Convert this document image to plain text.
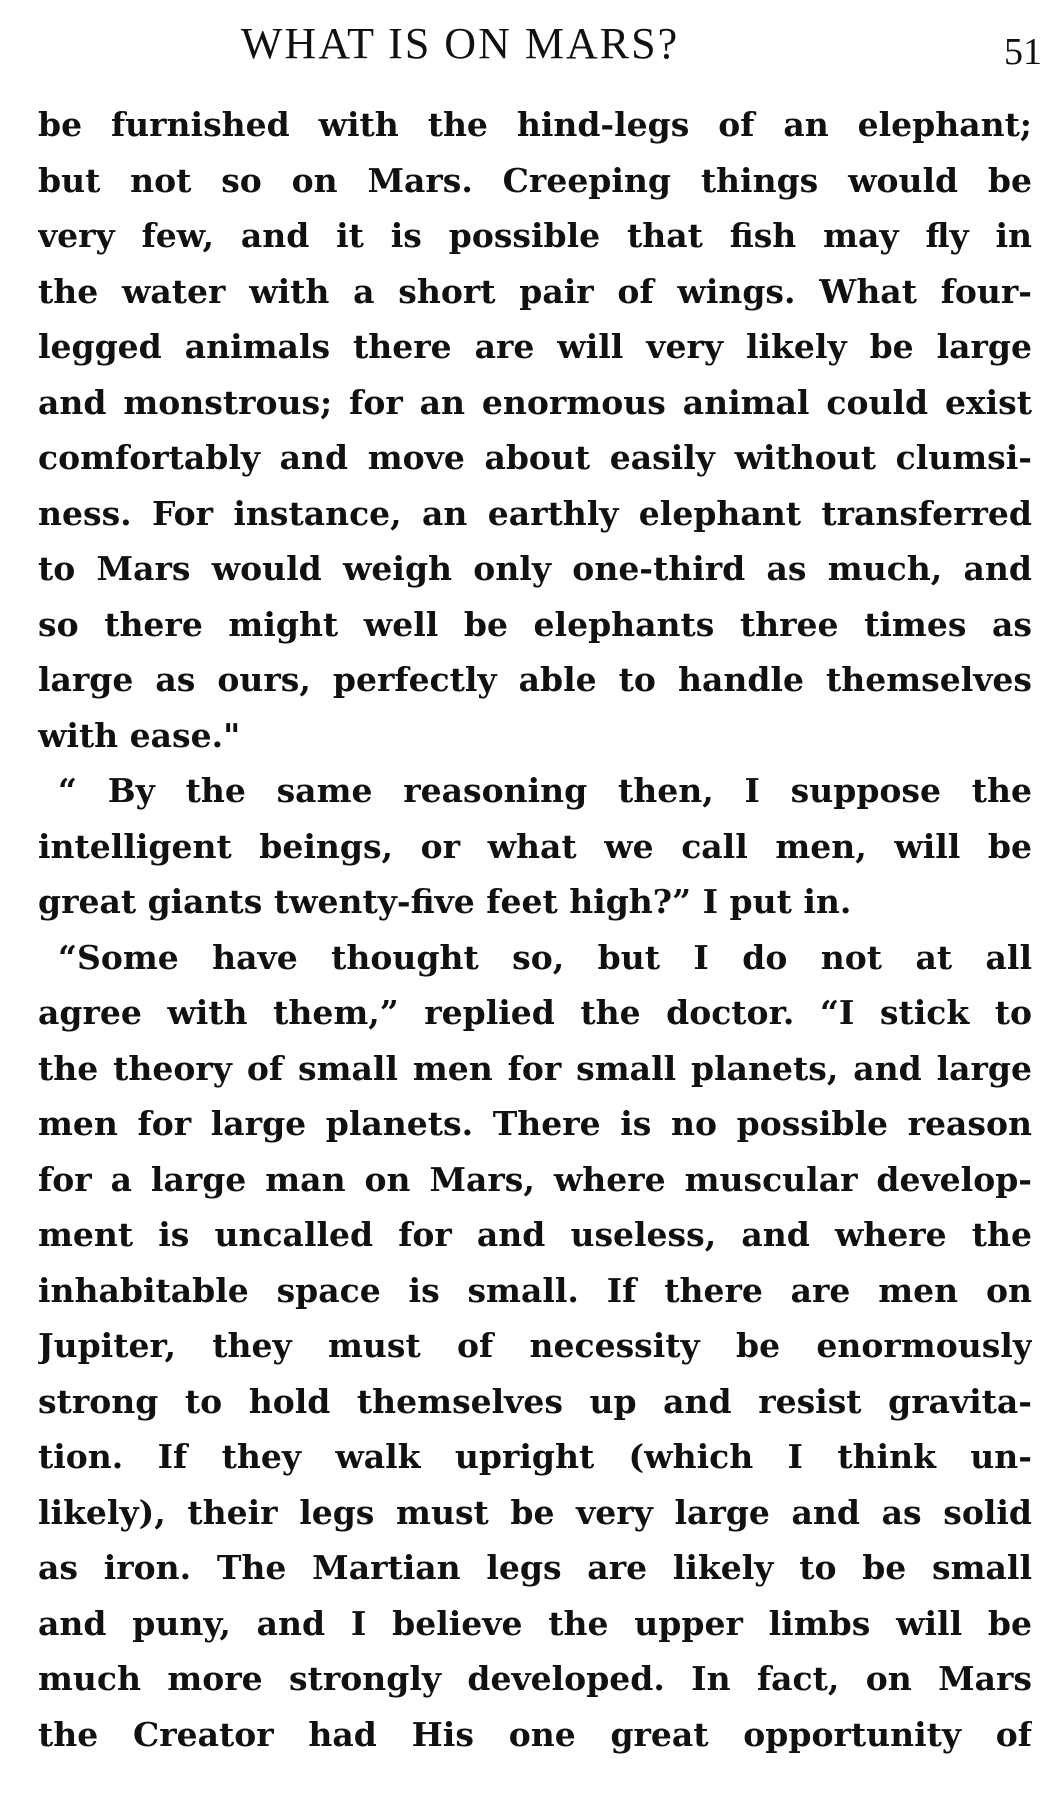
WHAT IS ON MARS?	51
be furnished with the hind-legs of an elephant;
but not so on Mars. Creeping things would be
very few, and it is possible that fish may fly in
the water with a short pair of wings. What four-
legged animals there are will very likely be large
and monstrous; for an enormous animal could exist
comfortably and move about easily without clumsi-
ness. For instance, an earthly elephant transferred
to Mars would weigh only one-third as much, and
so there might well be elephants three times as
large as ours, perfectly able to handle themselves
with ease."
“ By the same reasoning then, I suppose the
intelligent beings, or what we call men, will be
great giants twenty-five feet high?” I put in.
“Some have thought so, but I do not at all
agree with them,” replied the doctor. “I stick to
the theory of small men for small planets, and large
men for large planets. There is no possible reason
for a large man on Mars, where muscular develop-
ment is uncalled for and useless, and where the
inhabitable space is small. If there are men on
Jupiter, they must of necessity be enormously
strong to hold themselves up and resist gravita-
tion. If they walk upright (which I think un-
likely), their legs must be very large and as solid
as iron. The Martian legs are likely to be small
and puny, and I believe the upper limbs will be
much more strongly developed. In fact, on Mars
the Creator had His one great opportunity of
